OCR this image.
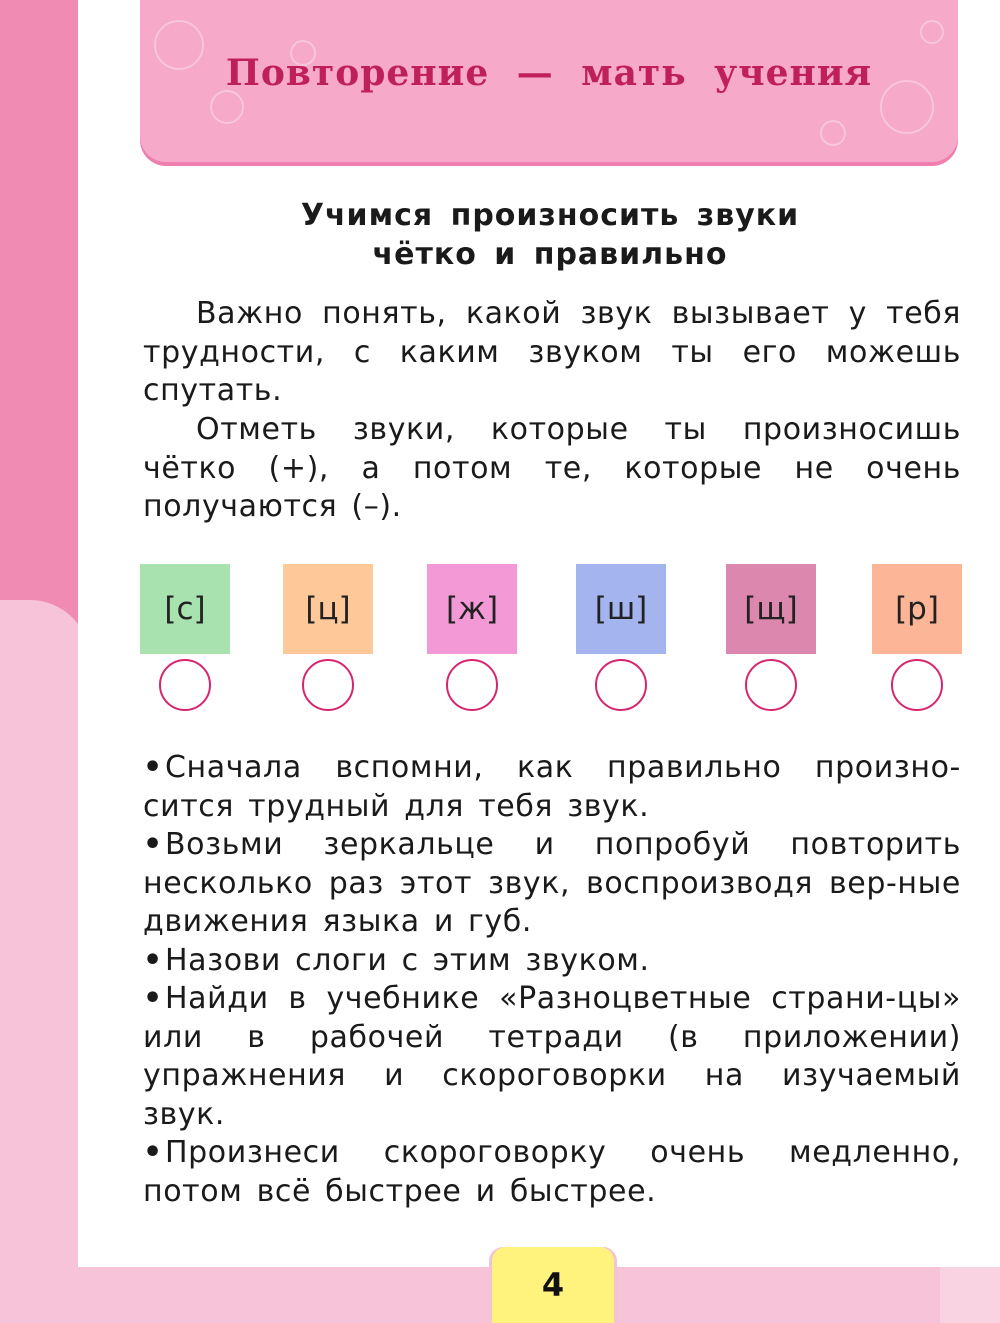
Повторение — мать учения
Учимся произносить звуки
чётко и правильно
Важно понять, какой звук вызывает у тебя трудности, с каким звуком ты его можешь спутать.
Отметь звуки, которые ты произносишь чётко (+), а потом те, которые не очень получаются (–).
[с]	[ц]	[ж]	[ш]	[щ]	[р]
•Сначала вспомни, как правильно произно-​сится трудный для тебя звук.
•Возьми зеркальце и попробуй повторить несколько раз этот звук, воспроизводя вер-​ные движения языка и губ.
•Назови слоги с этим звуком.
•Найди в учебнике «Разноцветные страни-​цы» или в рабочей тетради (в приложении) упражнения и скороговорки на изучаемый звук.
•Произнеси скороговорку очень медленно, потом всё быстрее и быстрее.
4
